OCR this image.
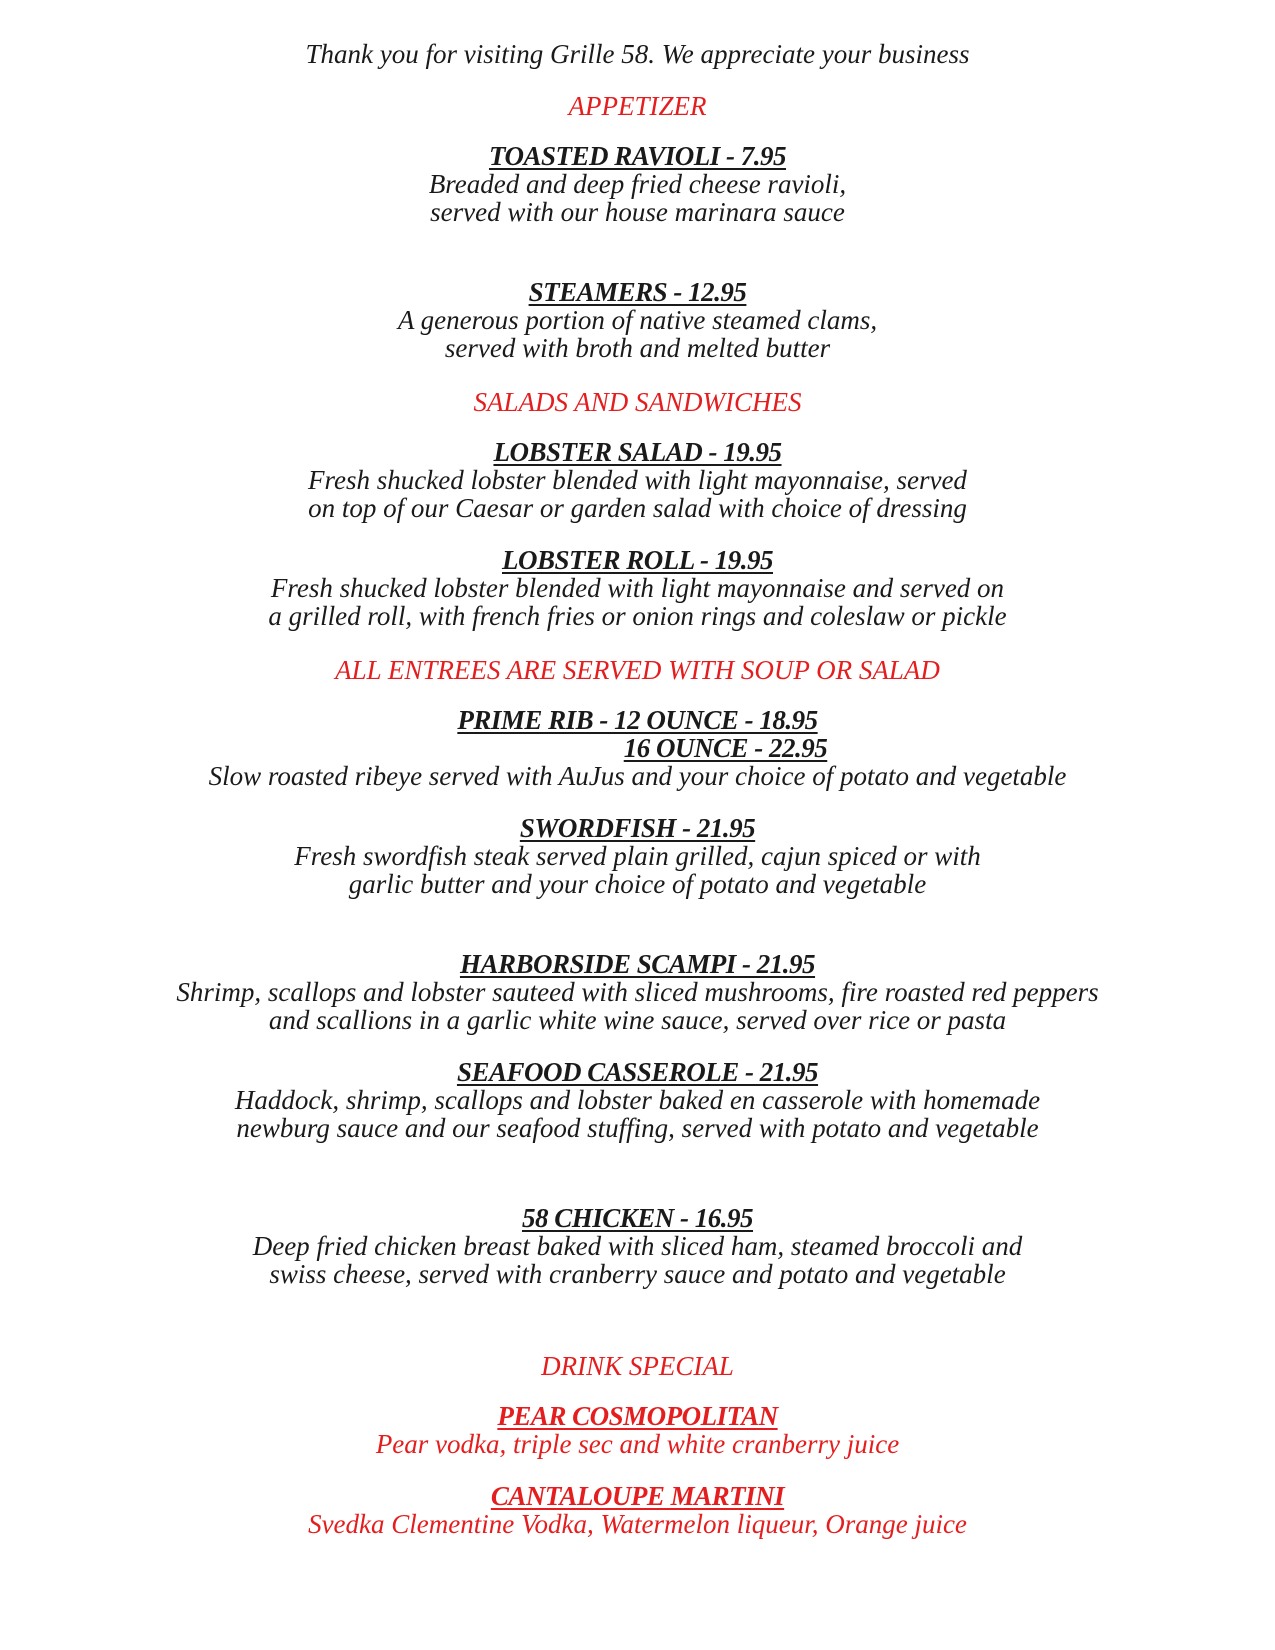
Thank you for visiting Grille 58. We appreciate your business
APPETIZER
TOASTED RAVIOLI - 7.95
Breaded and deep fried cheese ravioli,
served with our house marinara sauce
STEAMERS - 12.95
A generous portion of native steamed clams,
served with broth and melted butter
SALADS AND SANDWICHES
LOBSTER SALAD - 19.95
Fresh shucked lobster blended with light mayonnaise, served
on top of our Caesar or garden salad with choice of dressing
LOBSTER ROLL - 19.95
Fresh shucked lobster blended with light mayonnaise and served on
a grilled roll, with french fries or onion rings and coleslaw or pickle
ALL ENTREES ARE SERVED WITH SOUP OR SALAD
PRIME RIB - 12 OUNCE - 18.95
16 OUNCE - 22.95
Slow roasted ribeye served with AuJus and your choice of potato and vegetable
SWORDFISH - 21.95
Fresh swordfish steak served plain grilled, cajun spiced or with
garlic butter and your choice of potato and vegetable
HARBORSIDE SCAMPI - 21.95
Shrimp, scallops and lobster sauteed with sliced mushrooms, fire roasted red peppers
and scallions in a garlic white wine sauce, served over rice or pasta
SEAFOOD CASSEROLE - 21.95
Haddock, shrimp, scallops and lobster baked en casserole with homemade
newburg sauce and our seafood stuffing, served with potato and vegetable
58 CHICKEN - 16.95
Deep fried chicken breast baked with sliced ham, steamed broccoli and
swiss cheese, served with cranberry sauce and potato and vegetable
DRINK SPECIAL
PEAR COSMOPOLITAN
Pear vodka, triple sec and white cranberry juice
CANTALOUPE MARTINI
Svedka Clementine Vodka, Watermelon liqueur, Orange juice
